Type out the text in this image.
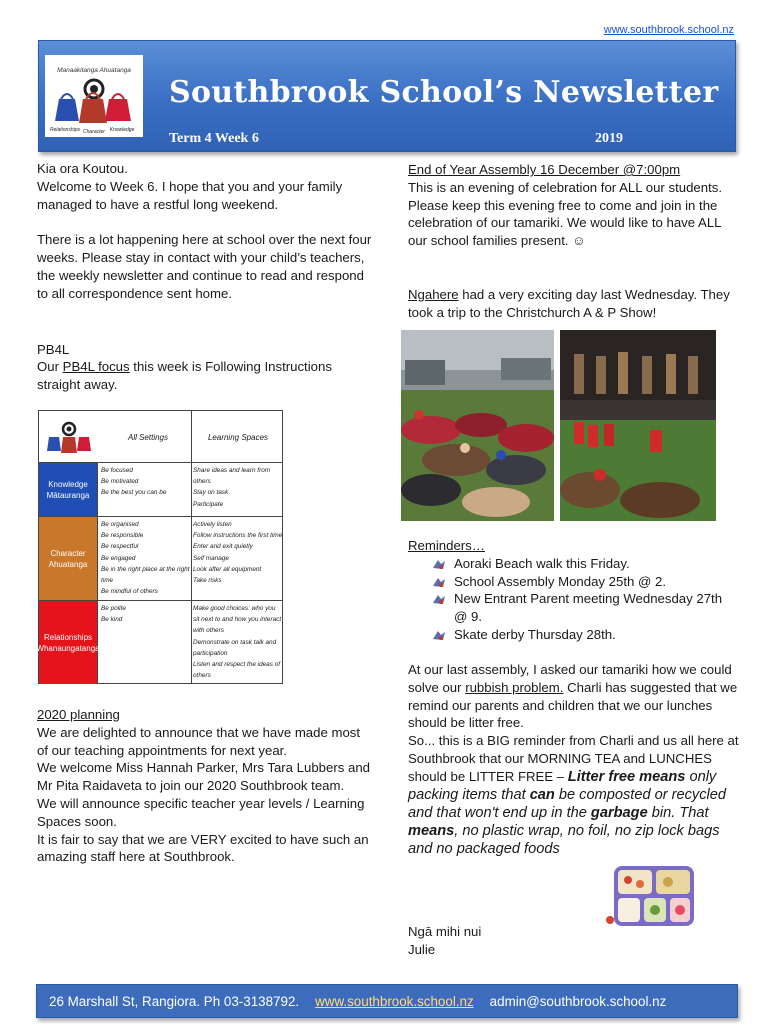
www.southbrook.school.nz
Manaakitanga Ahuatanga
Relationships Character Knowledge
Southbrook School’s Newsletter
Term 4 Week 6	2019

Kia ora Koutou.

Welcome to Week 6. I hope that you and your family managed to have a restful long weekend.

There is a lot happening here at school over the next four weeks. Please stay in contact with your child’s teachers, the weekly newsletter and continue to read and respond to all correspondence sent home.

PB4L

Our PB4L focus this week is Following Instructions straight away.

All Settings	Learning Spaces
Knowledge
Mātauranga
Be focused
Be motivated
Be the best you can be
Share ideas and learn from others
Stay on task
Participate
Character
Ahuatanga
Be organised
Be responsible
Be respectful
Be engaged
Be in the right place at the right time
Be mindful of others
Actively listen
Follow instructions the first time
Enter and exit quietly
Self manage
Look after all equipment
Take risks
Relationships
Whanaungatanga
Be polite
Be kind
Make good choices: who you sit next to and how you interact with others
Demonstrate on task talk and participation
Listen and respect the ideas of others

2020 planning

We are delighted to announce that we have made most of our teaching appointments for next year.

We welcome Miss Hannah Parker, Mrs Tara Lubbers and Mr Pita Raidaveta to join our 2020 Southbrook team.

We will announce specific teacher year levels / Learning Spaces soon.

It is fair to say that we are VERY excited to have such an amazing staff here at Southbrook.

End of Year Assembly 16 December @7:00pm

This is an evening of celebration for ALL our students. Please keep this evening free to come and join in the celebration of our tamariki. We would like to have ALL our school families present. ☺

Ngahere had a very exciting day last Wednesday. They took a trip to the Christchurch A & P Show!

Reminders…

Aoraki Beach walk this Friday.
School Assembly Monday 25th @ 2.
New Entrant Parent meeting Wednesday 27th @ 9.
Skate derby Thursday 28th.

At our last assembly, I asked our tamariki how we could solve our rubbish problem. Charli has suggested that we remind our parents and children that we our lunches should be litter free.

So... this is a BIG reminder from Charli and us all here at Southbrook that our MORNING TEA and LUNCHES should be LITTER FREE – Litter free means only packing items that can be composted or recycled and that won't end up in the garbage bin. That means, no plastic wrap, no foil, no zip lock bags and no packaged foods

Ngā mihi nui

Julie

26 Marshall St, Rangiora. Ph 03-3138792. www.southbrook.school.nz admin@southbrook.school.nz
